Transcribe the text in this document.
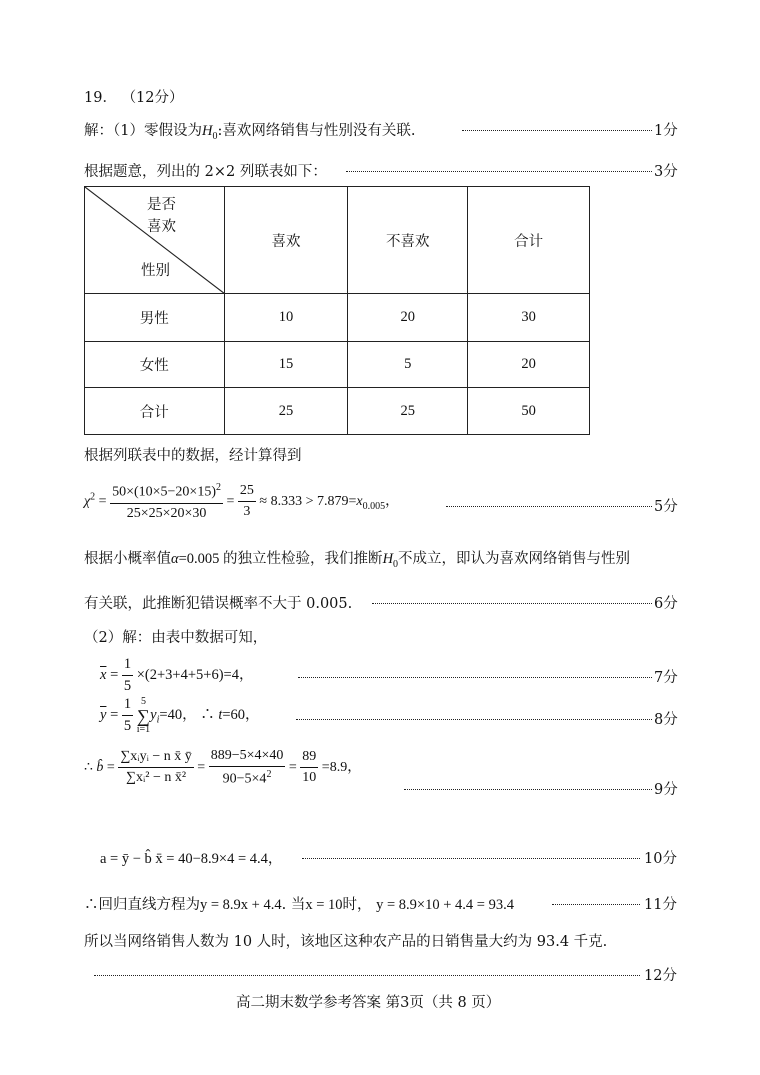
19． （12分）
解：（1）零假设为$H_0$:喜欢网络销售与性别没有关联.	1分
根据题意，列出的 2×2 列联表如下：	3分
是否
喜欢
性别	喜欢	不喜欢	合计
男性	10	20	30
女性	15	5	20
合计	25	25	50
根据列联表中的数据，经计算得到
$\chi^2 = \frac{50\times(10\times 5-20\times 15)^2}{25\times 25\times 20\times 30} = \frac{25}{3} \approx 8.333 > 7.879=x_{0.005}$，	5分
根据小概率值α=0.005 的独立性检验，我们推断$H_0$不成立，即认为喜欢网络销售与性别
有关联，此推断犯错误概率不大于 0.005.	6分
（2）解：由表中数据可知，
$\overline{x} = \frac{1}{5} \times(2+3+4+5+6)=4$，	7分
$\overline{y} = \frac{1}{5}$
5
∑
i=1
$y_i=40$， ∴ t=60，	8分
∴ b̂ = $\frac{\text{∑xᵢyᵢ − n x̄ ȳ}}{\text{∑xᵢ² − n x̄²}} = \frac{889-5\times 4\times 40}{90-5\times 4^2} = \frac{89}{10} =8.9$，
9分
a = ȳ − b̂ x̄ = 40−8.9×4 = 4.4，	10分
∴回归直线方程为y = 8.9x + 4.4. 当x = 10时， y = 8.9×10 + 4.4 = 93.4	11分
所以当网络销售人数为 10 人时，该地区这种农产品的日销售量大约为 93.4 千克.
12分
高二期末数学参考答案 第3页（共 8 页）
